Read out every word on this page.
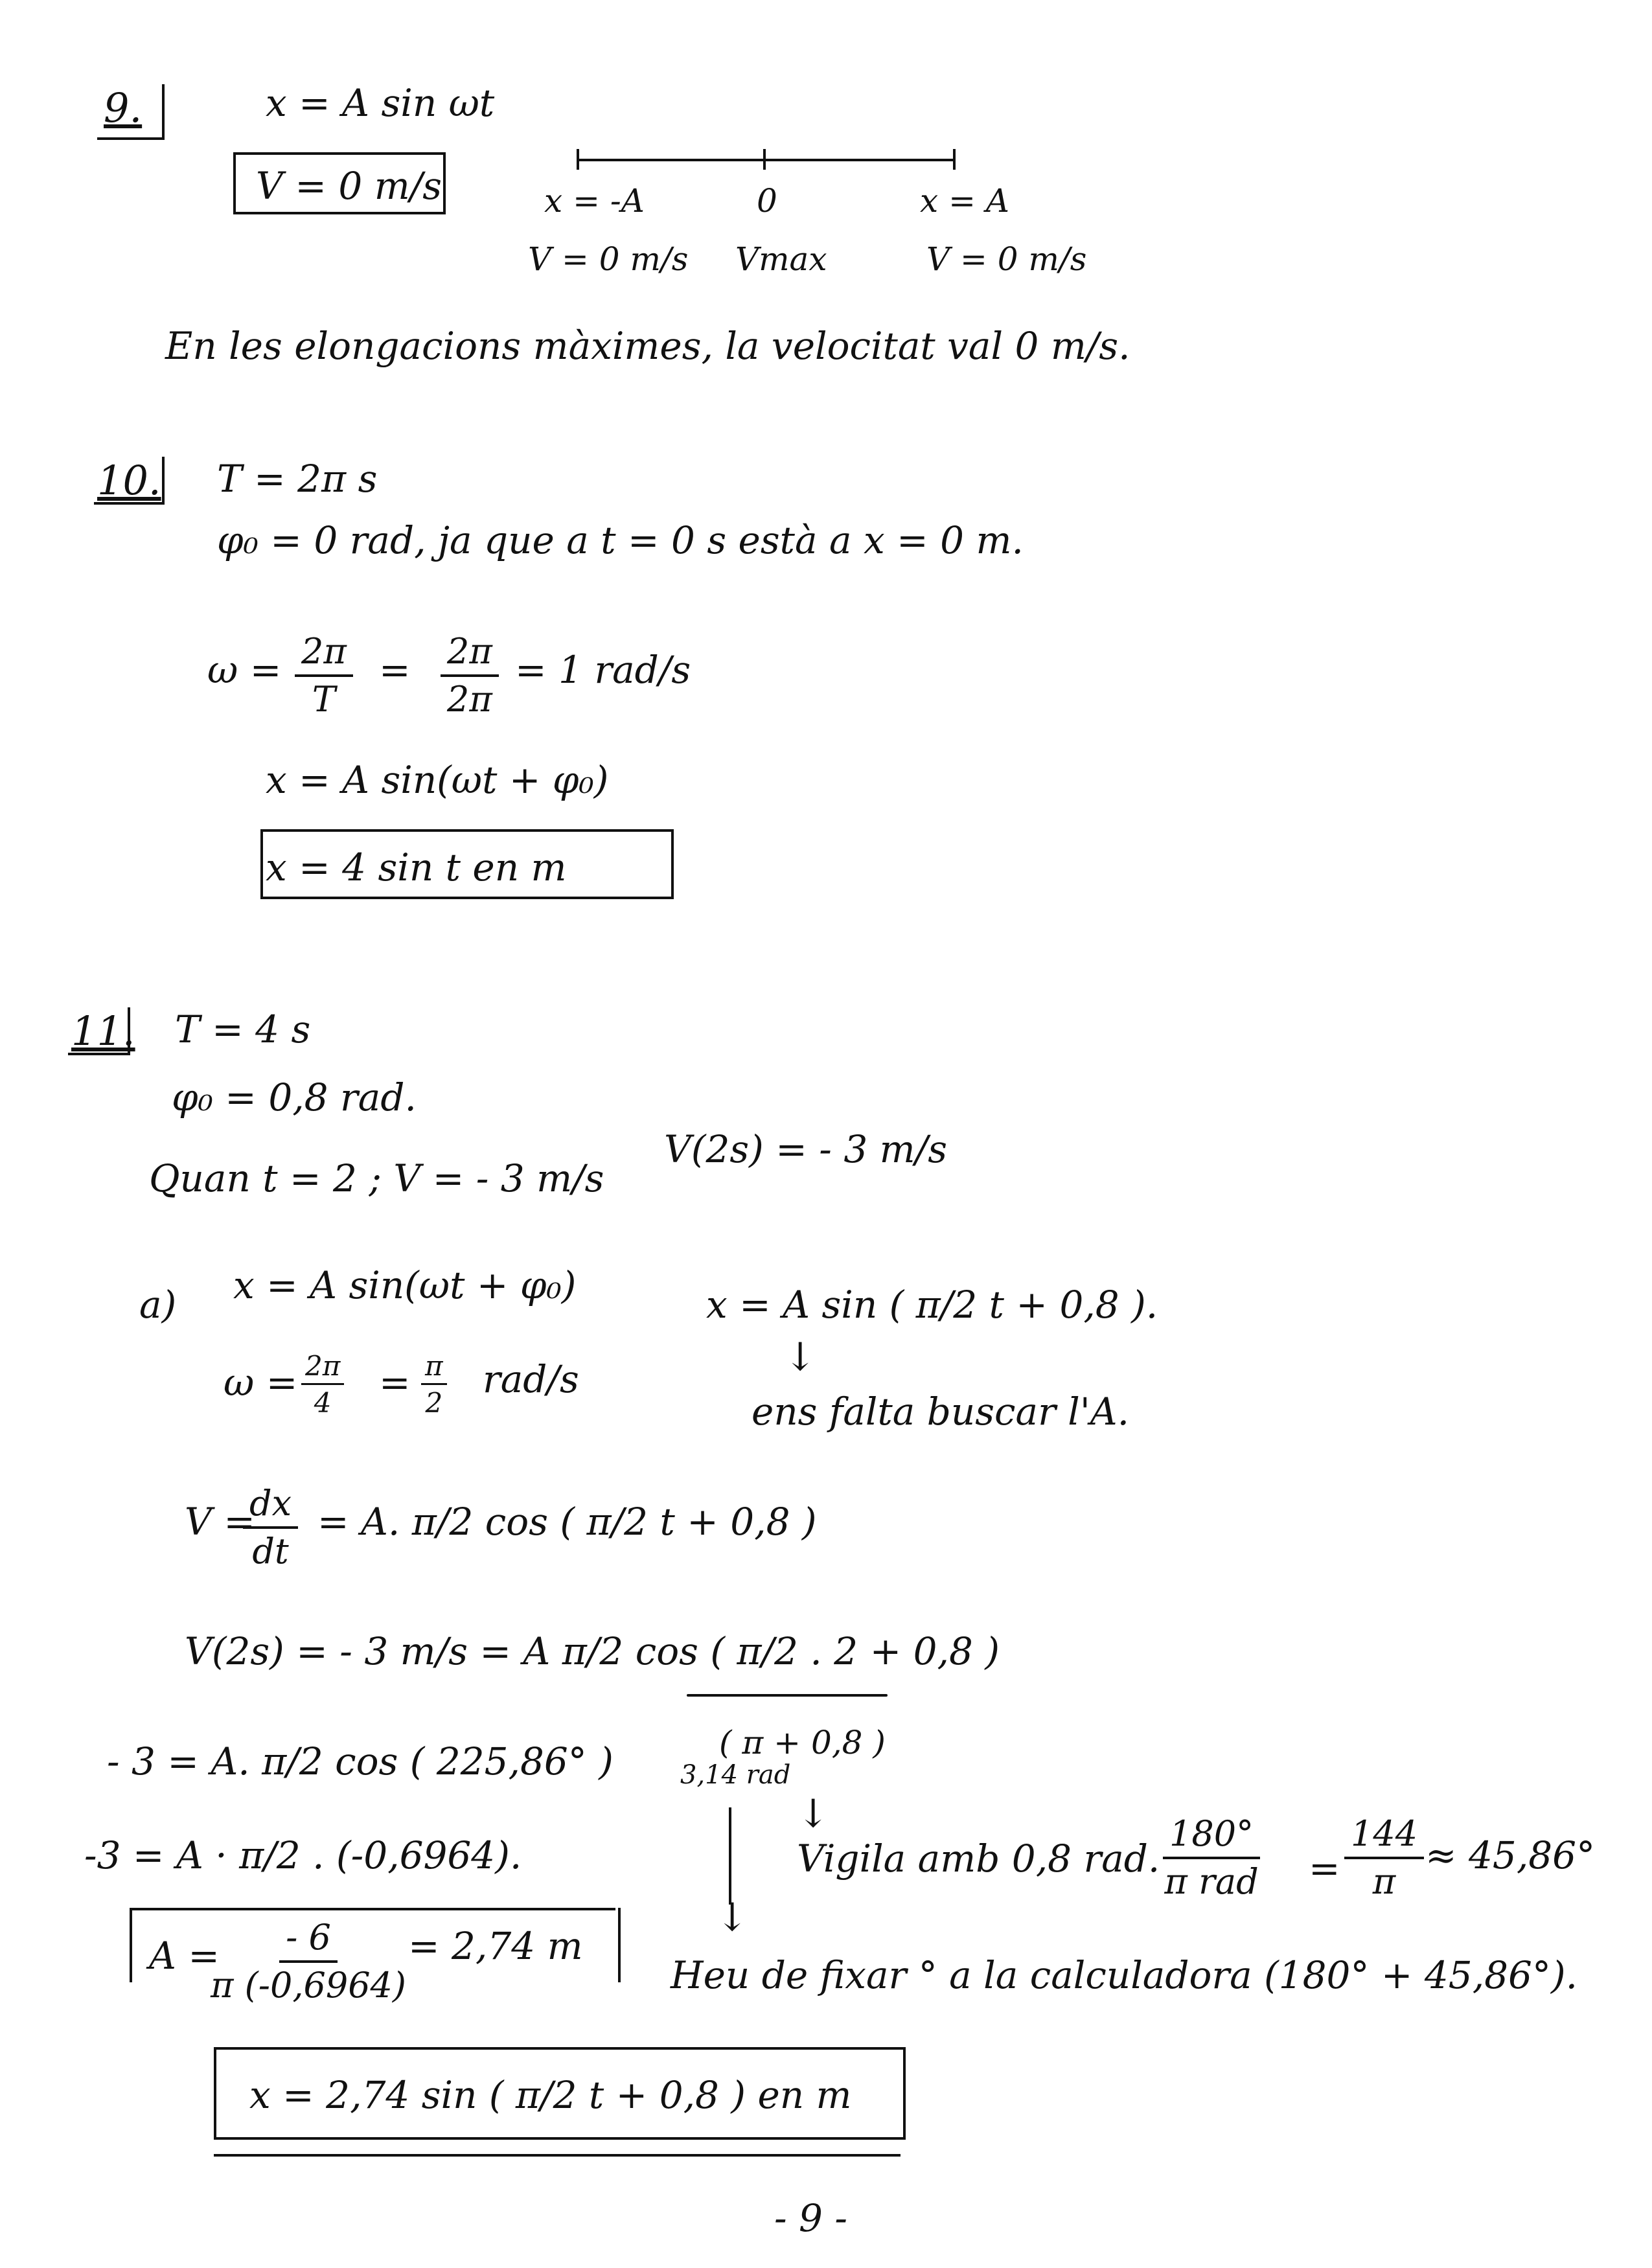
9.	x = A sin ωt
V = 0 m/s	x = -A	0	x = A
V = 0 m/s Vmax	V = 0 m/s
En les elongacions màximes, la velocitat val 0 m/s.
10. T = 2π s
φ₀ = 0 rad, ja que a t = 0 s està a x = 0 m.
$\omega = \frac{2\pi}{T} = \frac{2\pi}{2\pi} = 1$ rad/s
x = A sin(ωt + φ₀)
x = 4 sin t en m
11. T = 4 s
φ₀ = 0,8 rad.
Quan t = 2 ; V = - 3 m/s
V(2s) = - 3 m/s
a) x = A sin(ωt + φ₀)
$\omega = \frac{2\pi}{4} = \frac{\pi}{2} rad/s$
x = A sin ( π/2 t + 0,8 ).
↓
ens falta buscar l'A.
V =
$\frac{dx}{dt} = A$. π/2 cos ( π/2 t + 0,8 )
V(2s) = - 3 m/s = A π/2 cos ( π/2 . 2 + 0,8 )
( π + 0,8 )
3,14 rad
- 3 = A. π/2 cos ( 225,86° )
-3 = A · π/2 . (-0,6964).
↓
↓
Vigila amb 0,8 rad.
180°
π rad = $\frac{144}{\pi} \approx 45,86^\circ$
A =
$\frac{- 6}{\pi (-0,6964)} = 2,74$ m
Heu de fixar ° a la calculadora (180° + 45,86°).
x = 2,74 sin ( π/2 t + 0,8 ) en m
- 9 -
